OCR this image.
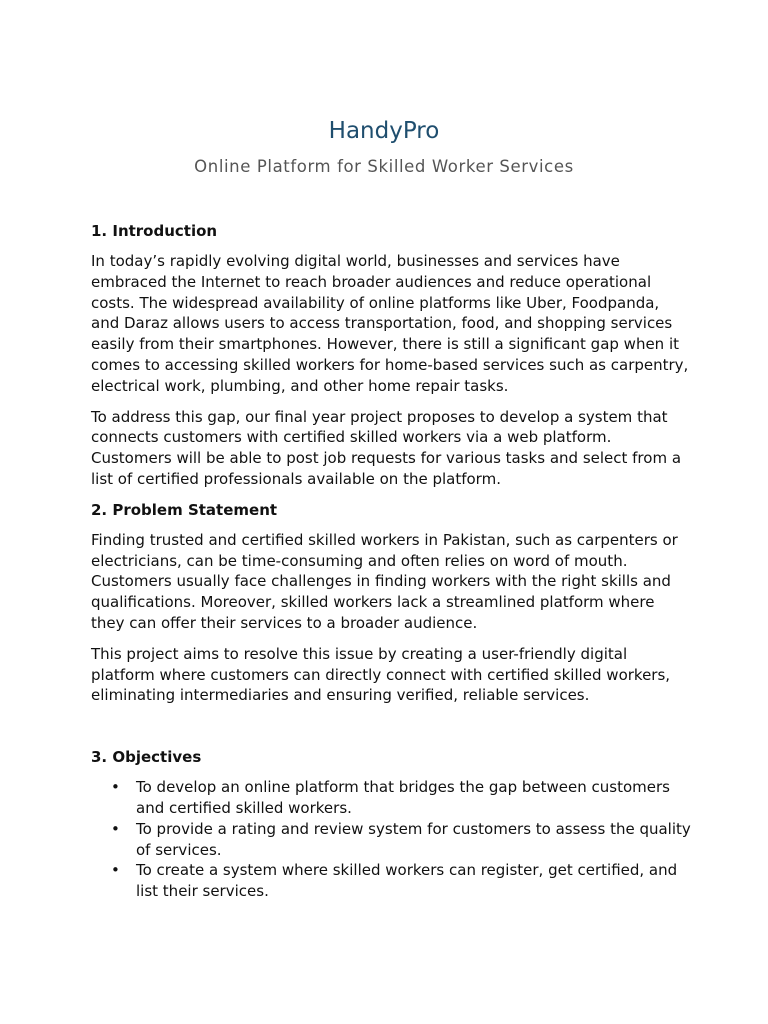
HandyPro
Online Platform for Skilled Worker Services
1. Introduction

In today’s rapidly evolving digital world, businesses and services have embraced the Internet to reach broader audiences and reduce operational costs. The widespread availability of online platforms like Uber, Foodpanda, and Daraz allows users to access transportation, food, and shopping services easily from their smartphones. However, there is still a significant gap when it comes to accessing skilled workers for home-based services such as carpentry, electrical work, plumbing, and other home repair tasks.

To address this gap, our final year project proposes to develop a system that connects customers with certified skilled workers via a web platform. Customers will be able to post job requests for various tasks and select from a list of certified professionals available on the platform.

2. Problem Statement

Finding trusted and certified skilled workers in Pakistan, such as carpenters or electricians, can be time-consuming and often relies on word of mouth. Customers usually face challenges in finding workers with the right skills and qualifications. Moreover, skilled workers lack a streamlined platform where they can offer their services to a broader audience.

This project aims to resolve this issue by creating a user-friendly digital platform where customers can directly connect with certified skilled workers, eliminating intermediaries and ensuring verified, reliable services.

3. Objectives
• To develop an online platform that bridges the gap between customers and certified skilled workers.
• To provide a rating and review system for customers to assess the quality of services.
• To create a system where skilled workers can register, get certified, and list their services.
